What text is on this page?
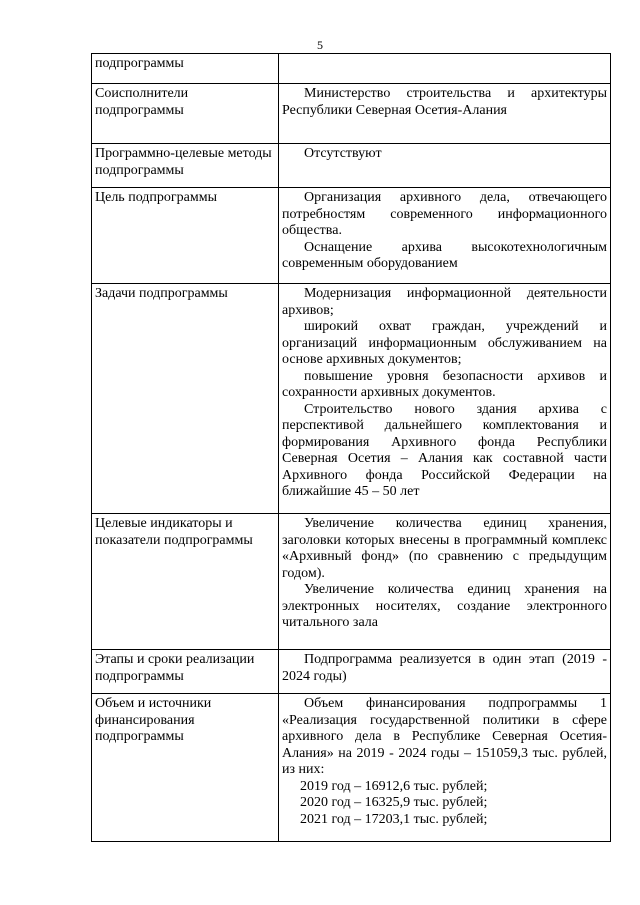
5
подпрограммы	
Соисполнители подпрограммы	Министерство строительства и архитектуры Республики Северная Осетия-Алания

Программно-целевые методы подпрограммы	Отсутствуют

Цель подпрограммы	Организация архивного дела, отвечающего потребностям современного информационного общества.
Оснащение архива высокотехнологичным современным оборудованием

Задачи подпрограммы	Модернизация информационной деятельности архивов;
широкий охват граждан, учреждений и организаций информационным обслуживанием на основе архивных документов;
повышение уровня безопасности архивов и сохранности архивных документов.
Строительство нового здания архива с перспективой дальнейшего комплектования и формирования Архивного фонда Республики Северная Осетия – Алания как составной части Архивного фонда Российской Федерации на ближайшие 45 – 50 лет

Целевые индикаторы и показатели подпрограммы	Увеличение количества единиц хранения, заголовки которых внесены в программный комплекс «Архивный фонд» (по сравнению с предыдущим годом).
Увеличение количества единиц хранения на электронных носителях, создание электронного читального зала

Этапы и сроки реализации подпрограммы	Подпрограмма реализуется в один этап (2019 - 2024 годы)

Объем и источники финансирования подпрограммы	Объем финансирования подпрограммы 1 «Реализация государственной политики в сфере архивного дела в Республике Северная Осетия-Алания» на 2019 - 2024 годы – 151059,3 тыс. рублей, из них:
2019 год – 16912,6 тыс. рублей;
2020 год – 16325,9 тыс. рублей;
2021 год – 17203,1 тыс. рублей;
